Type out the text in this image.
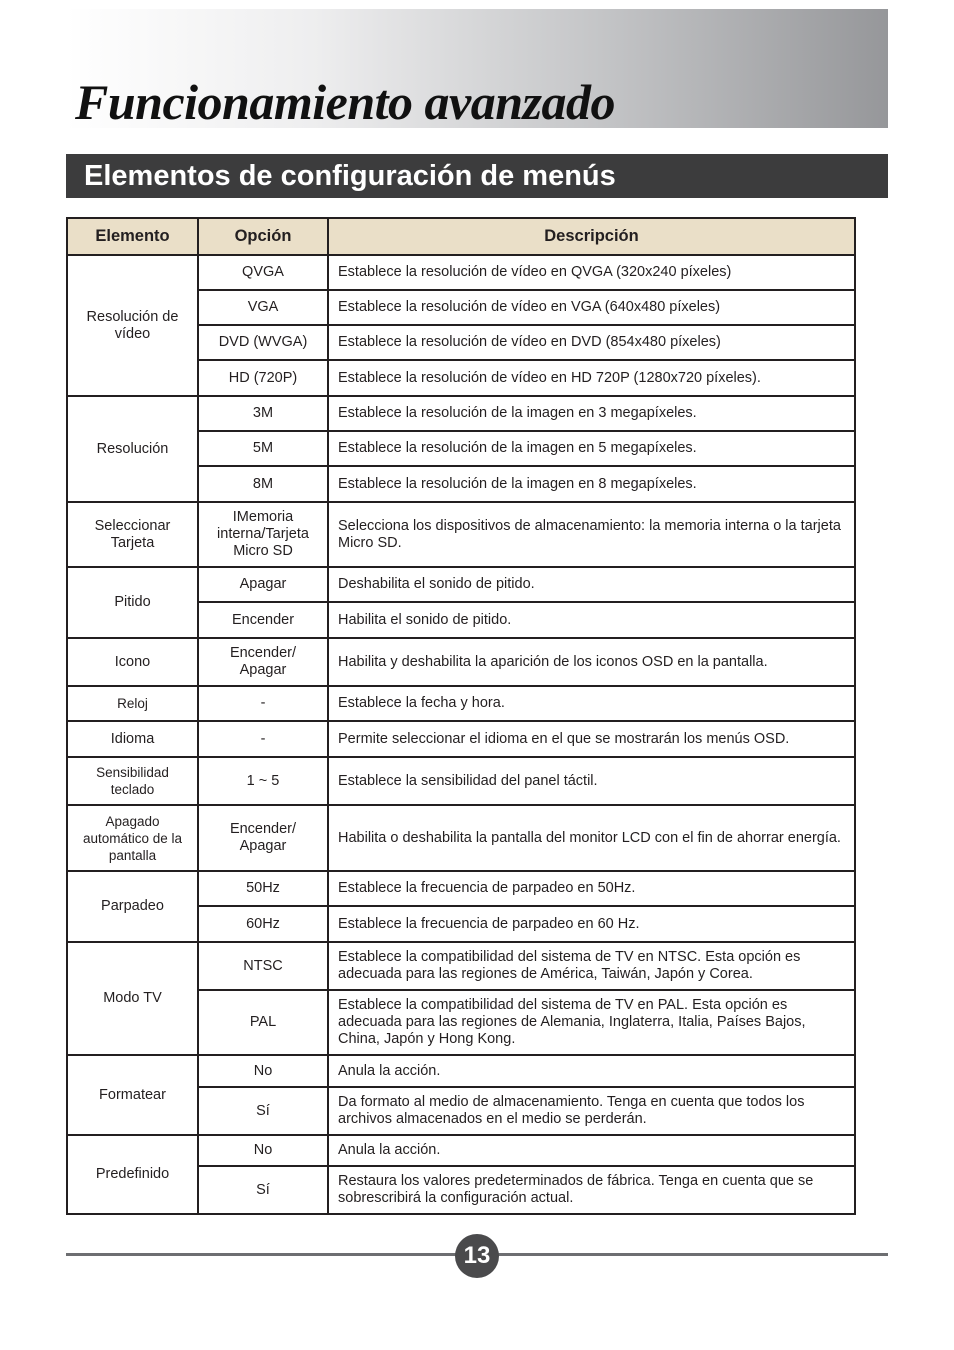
Funcionamiento avanzado
Elementos de configuración de menús
Elemento	Opción	Descripción
Resolución de vídeo	QVGA	Establece la resolución de vídeo en QVGA (320x240 píxeles)
	VGA	Establece la resolución de vídeo en VGA (640x480 píxeles)
	DVD (WVGA)	Establece la resolución de vídeo en DVD (854x480 píxeles)
	HD (720P)	Establece la resolución de vídeo en HD 720P (1280x720 píxeles).
Resolución	3M	Establece la resolución de la imagen en 3 megapíxeles.
	5M	Establece la resolución de la imagen en 5 megapíxeles.
	8M	Establece la resolución de la imagen en 8 megapíxeles.
Seleccionar Tarjeta	IMemoria interna/Tarjeta Micro SD	Selecciona los dispositivos de almacenamiento: la memoria interna o la tarjeta Micro SD.
Pitido	Apagar	Deshabilita el sonido de pitido.
	Encender	Habilita el sonido de pitido.
Icono	Encender/ Apagar	Habilita y deshabilita la aparición de los iconos OSD en la pantalla.
Reloj	-	Establece la fecha y hora.
Idioma	-	Permite seleccionar el idioma en el que se mostrarán los menús OSD.
Sensibilidad teclado	1 ~ 5	Establece la sensibilidad del panel táctil.
Apagado automático de la pantalla	Encender/ Apagar	Habilita o deshabilita la pantalla del monitor LCD con el fin de ahorrar energía.
Parpadeo	50Hz	Establece la frecuencia de parpadeo en 50Hz.
	60Hz	Establece la frecuencia de parpadeo en 60 Hz.
Modo TV	NTSC	Establece la compatibilidad del sistema de TV en NTSC. Esta opción es adecuada para las regiones de América, Taiwán, Japón y Corea.
	PAL	Establece la compatibilidad del sistema de TV en PAL. Esta opción es adecuada para las regiones de Alemania, Inglaterra, Italia, Países Bajos, China, Japón y Hong Kong.
Formatear	No	Anula la acción.
	Sí	Da formato al medio de almacenamiento. Tenga en cuenta que todos los archivos almacenados en el medio se perderán.
Predefinido	No	Anula la acción.
	Sí	Restaura los valores predeterminados de fábrica. Tenga en cuenta que se sobrescribirá la configuración actual.
13
